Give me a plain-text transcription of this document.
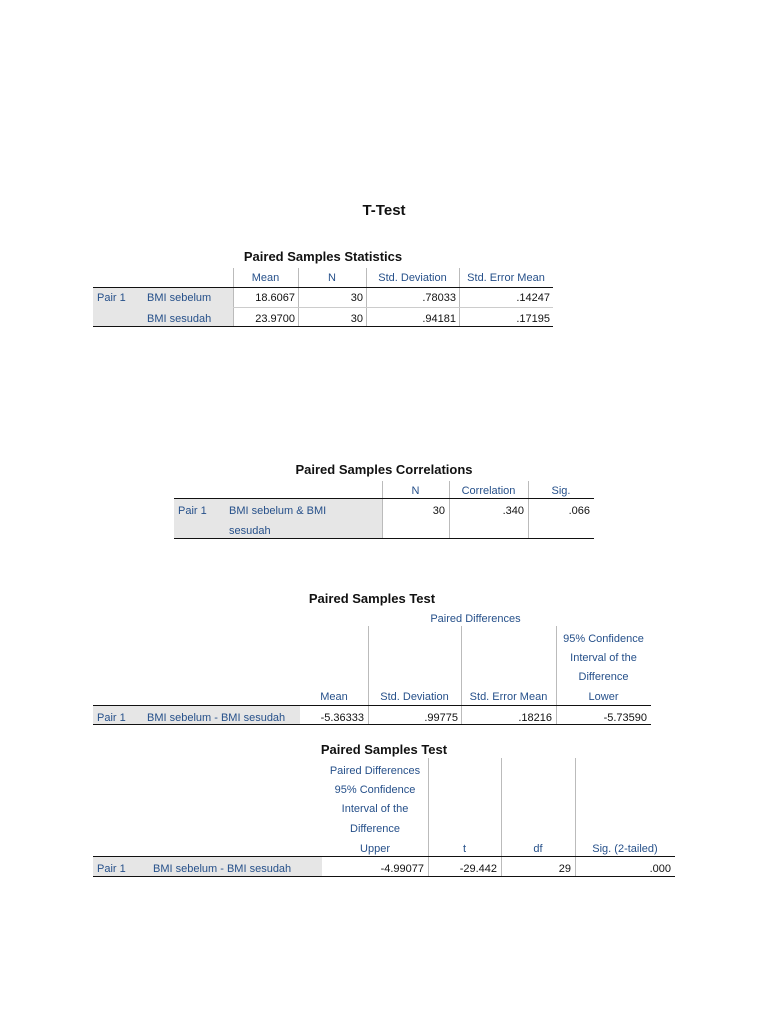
T-Test
Paired Samples Statistics
Mean	N	Std. Deviation	Std. Error Mean
Pair 1 BMI sebelum	18.6067	30	.78033	.14247
BMI sesudah	23.9700	30	.94181	.17195
Paired Samples Correlations
N	Correlation	Sig.
Pair 1 BMI sebelum & BMI
sesudah
30	.340	.066
Paired Samples Test
Paired Differences
95% Confidence
Interval of the
Difference
Mean	Std. Deviation	Std. Error Mean	Lower
Pair 1 BMI sebelum - BMI sesudah	-5.36333	.99775	.18216	-5.73590
Paired Samples Test
Paired Differences
95% Confidence
Interval of the
Difference
Upper	t	df	Sig. (2-tailed)
Pair 1 BMI sebelum - BMI sesudah	-4.99077	-29.442	29	.000
